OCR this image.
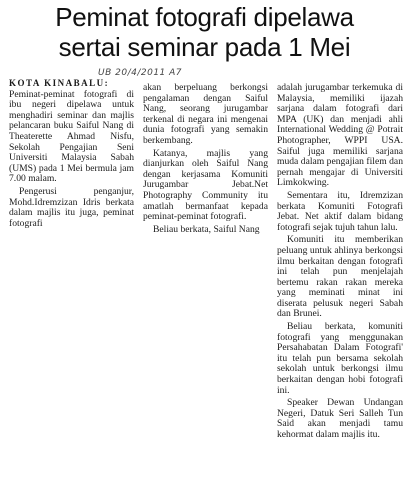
Peminat fotografi dipelawa
sertai seminar pada 1 Mei
UB 20/4/2011 A7

KOTA KINABALU:
Peminat-peminat fotografi di ibu negeri dipelawa untuk menghadiri seminar dan majlis pelancaran buku Saiful Nang di Theaterette Ahmad Nisfu, Sekolah Pengajian Seni Universiti Malaysia Sabah (UMS) pada 1 Mei bermula jam 7.00 malam.

Pengerusi penganjur, Mohd.Idremzizan Idris berkata dalam majlis itu juga, peminat fotografi

akan berpeluang berkongsi pengalaman dengan Saiful Nang, seorang jurugambar terkenal di negara ini mengenai dunia fotografi yang semakin berkembang.

Katanya, majlis yang dianjurkan oleh Saiful Nang dengan kerjasama Komuniti Jurugambar Jebat.Net Photography Community itu amatlah bermanfaat kepada peminat-peminat fotografi.

Beliau berkata, Saiful Nang

adalah jurugambar terkemuka di Malaysia, memiliki ijazah sarjana dalam fotografi dari MPA (UK) dan menjadi ahli International Wedding @ Potrait Photographer, WPPI USA. Saiful juga memiliki sarjana muda dalam pengajian filem dan pernah mengajar di Universiti Limkokwing.

Sementara itu, Idremzizan berkata Komuniti Fotografi Jebat. Net aktif dalam bidang fotografi sejak tujuh tahun lalu.

Komuniti itu memberikan peluang untuk ahlinya berkongsi ilmu berkaitan dengan fotografi ini telah pun menjelajah bertemu rakan rakan mereka yang meminati minat ini diserata pelusuk negeri Sabah dan Brunei.

Beliau berkata, komuniti fotografi yang menggunakan Persahabatan Dalam Fotografi' itu telah pun bersama sekolah sekolah untuk berkongsi ilmu berkaitan dengan hobi fotografi ini.

Speaker Dewan Undangan Negeri, Datuk Seri Salleh Tun Said akan menjadi tamu kehormat dalam majlis itu.
